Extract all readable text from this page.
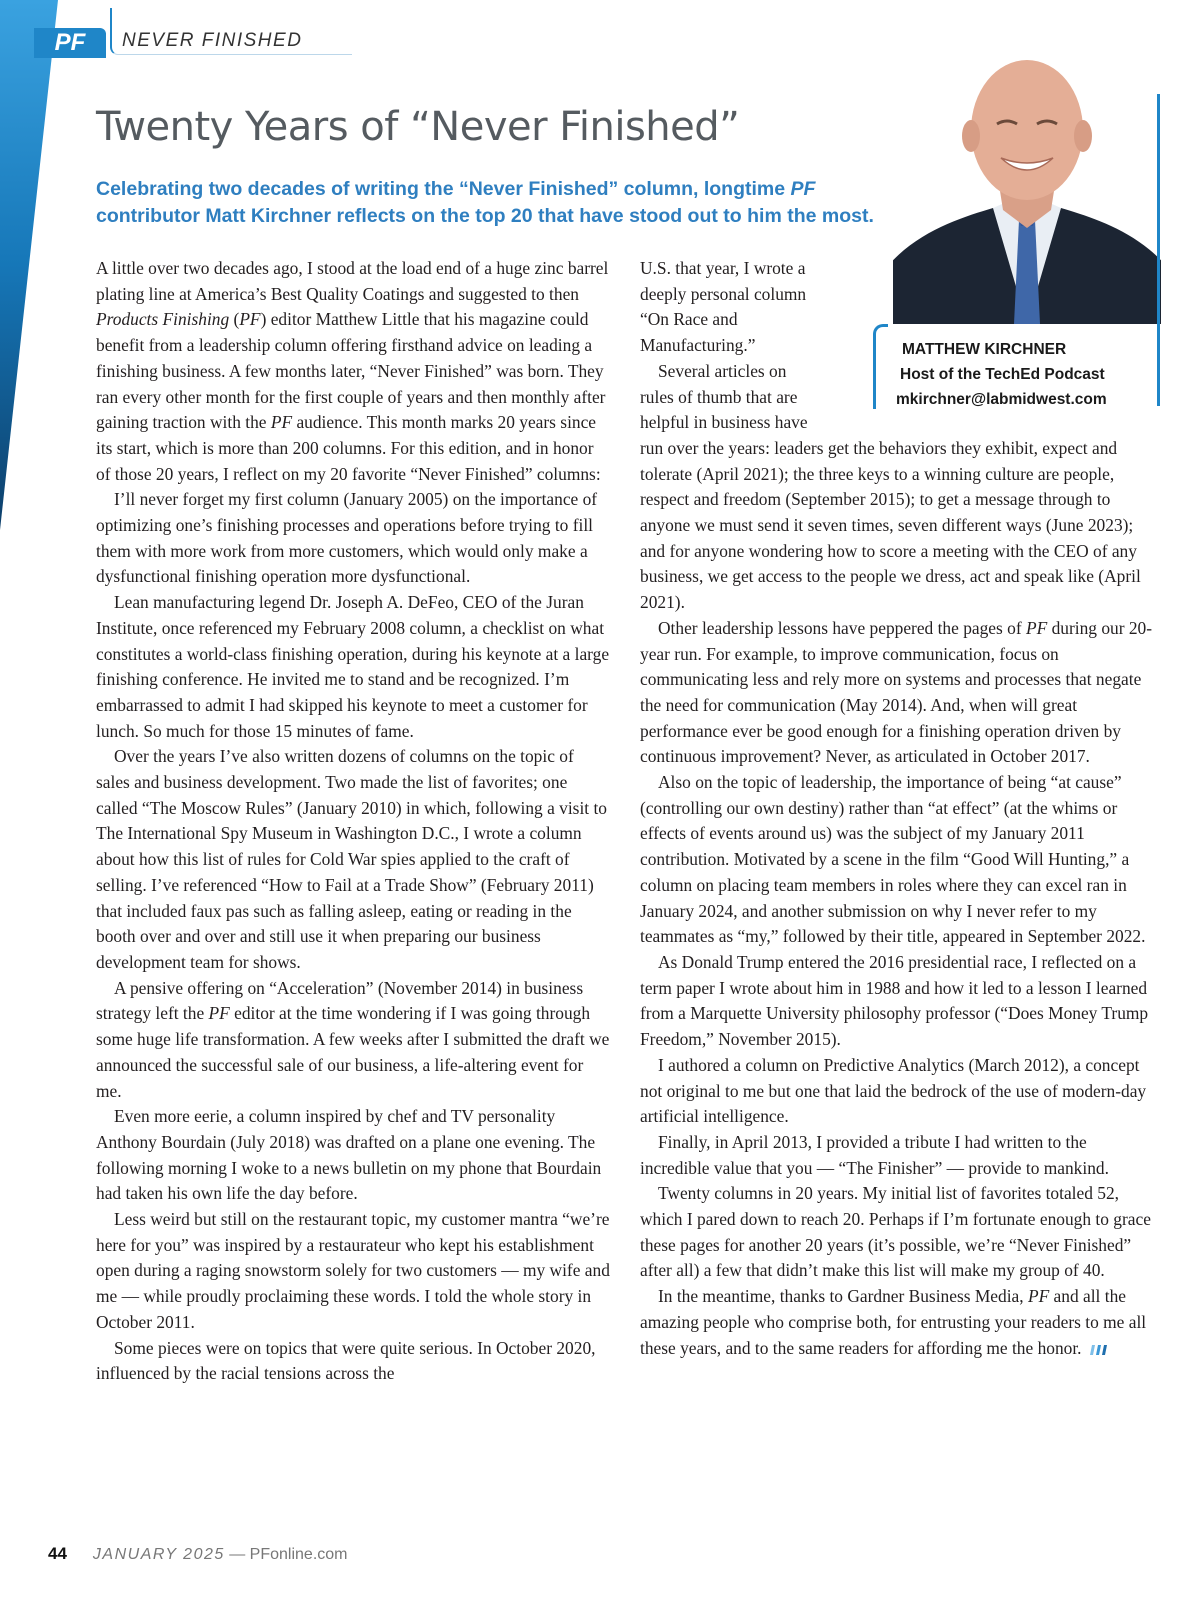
PF	NEVER FINISHED
Twenty Years of “Never Finished”

Celebrating two decades of writing the “Never Finished” column, longtime PF contributor Matt Kirchner reflects on the top 20 that have stood out to him the most.

A little over two decades ago, I stood at the load end of a huge zinc barrel plating line at America’s Best Quality Coatings and suggested to then Products Finishing (PF) editor Matthew Little that his magazine could benefit from a leadership column offering firsthand advice on leading a finishing business. A few months later, “Never Finished” was born. They ran every other month for the first couple of years and then monthly after gaining traction with the PF audience. This month marks 20 years since its start, which is more than 200 columns. For this edition, and in honor of those 20 years, I reflect on my 20 favorite “Never Finished” columns:

I’ll never forget my first column (January 2005) on the importance of optimizing one’s finishing processes and operations before trying to fill them with more work from more customers, which would only make a dysfunctional finishing operation more dysfunctional.

Lean manufacturing legend Dr. Joseph A. DeFeo, CEO of the Juran Institute, once referenced my February 2008 column, a checklist on what constitutes a world-class finishing operation, during his keynote at a large finishing conference. He invited me to stand and be recognized. I’m embarrassed to admit I had skipped his keynote to meet a customer for lunch. So much for those 15 minutes of fame.

Over the years I’ve also written dozens of columns on the topic of sales and business development. Two made the list of favorites; one called “The Moscow Rules” (January 2010) in which, following a visit to The International Spy Museum in Washington D.C., I wrote a column about how this list of rules for Cold War spies applied to the craft of selling. I’ve referenced “How to Fail at a Trade Show” (February 2011) that included faux pas such as falling asleep, eating or reading in the booth over and over and still use it when preparing our business development team for shows.

A pensive offering on “Acceleration” (November 2014) in business strategy left the PF editor at the time wondering if I was going through some huge life transformation. A few weeks after I submitted the draft we announced the successful sale of our business, a life-altering event for me.

Even more eerie, a column inspired by chef and TV personality Anthony Bourdain (July 2018) was drafted on a plane one evening. The following morning I woke to a news bulletin on my phone that Bourdain had taken his own life the day before.

Less weird but still on the restaurant topic, my customer mantra “we’re here for you” was inspired by a restaurateur who kept his establishment open during a raging snowstorm solely for two customers — my wife and me — while proudly proclaiming these words. I told the whole story in October 2011.

Some pieces were on topics that were quite serious. In October 2020, influenced by the racial tensions across the

U.S. that year, I wrote a deeply personal column “On Race and Manufacturing.”

Several articles on rules of thumb that are helpful in business have run over the years: leaders get the behaviors they exhibit, expect and tolerate (April 2021); the three keys to a winning culture are people, respect and freedom (September 2015); to get a message through to anyone we must send it seven times, seven different ways (June 2023); and for anyone wondering how to score a meeting with the CEO of any business, we get access to the people we dress, act and speak like (April 2021).

Other leadership lessons have peppered the pages of PF during our 20-year run. For example, to improve communication, focus on communicating less and rely more on systems and processes that negate the need for communication (May 2014). And, when will great performance ever be good enough for a finishing operation driven by continuous improvement? Never, as articulated in October 2017.

Also on the topic of leadership, the importance of being “at cause” (controlling our own destiny) rather than “at effect” (at the whims or effects of events around us) was the subject of my January 2011 contribution. Motivated by a scene in the film “Good Will Hunting,” a column on placing team members in roles where they can excel ran in January 2024, and another submission on why I never refer to my teammates as “my,” followed by their title, appeared in September 2022.

As Donald Trump entered the 2016 presidential race, I reflected on a term paper I wrote about him in 1988 and how it led to a lesson I learned from a Marquette University philosophy professor (“Does Money Trump Freedom,” November 2015).

I authored a column on Predictive Analytics (March 2012), a concept not original to me but one that laid the bedrock of the use of modern-day artificial intelligence.

Finally, in April 2013, I provided a tribute I had written to the incredible value that you — “The Finisher” — provide to mankind.

Twenty columns in 20 years. My initial list of favorites totaled 52, which I pared down to reach 20. Perhaps if I’m fortunate enough to grace these pages for another 20 years (it’s possible, we’re “Never Finished” after all) a few that didn’t make this list will make my group of 40.

In the meantime, thanks to Gardner Business Media, PF and all the amazing people who comprise both, for entrusting your readers to me all these years, and to the same readers for affording me the honor.

MATTHEW KIRCHNER
Host of the TechEd Podcast
mkirchner@labmidwest.com
44 JANUARY 2025 — PFonline.com
